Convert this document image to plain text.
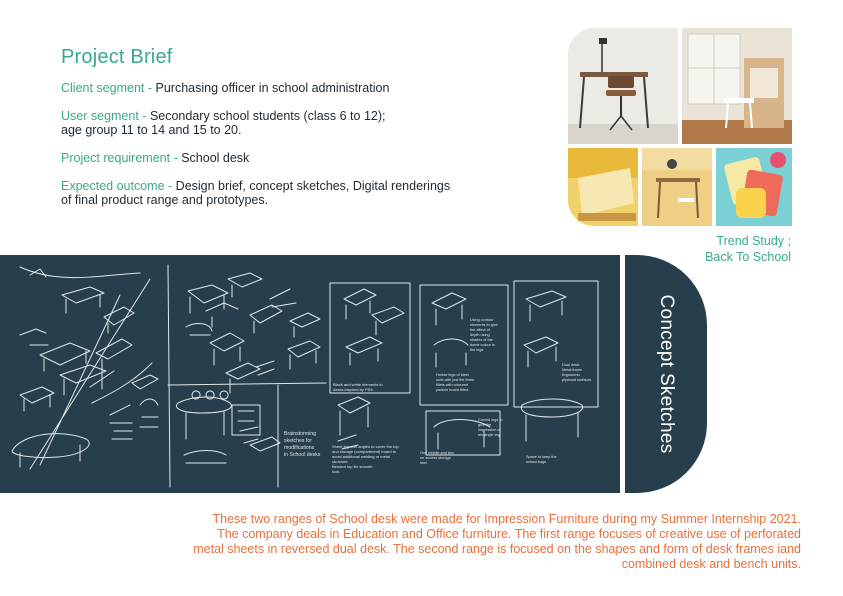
Project Brief

Client segment - Purchasing officer in school administration

User segment - Secondary school students (class 6 to 12);
age group 11 to 14 and 15 to 20.

Project requirement - School desk

Expected outcome - Design brief, concept sketches, Digital renderings
of final product range and prototypes.

Trend Study ;
Back To School
Brainstorming
sketches for
modifications
in School desks
Sheet leg with angles to cover the top
and storage (compartment) board to
avoid additional welding or metal
structure.
Bended top for smooth
look.
Black and white elements in
desks inspired by PS5.
Using contour
elements to give
the effect of
depth using
shades of the
dome colour in
the legs.
Hollow legs of steel
rods with just the three
fillets with coloured
particle board tilted.
Dual desk:
Metal frame
Ergonomic
plywood surfaces
One middle and two
on access storage
shel
Curved legs to
give the
impression of
rectangle leg
Space to keep the
school bags
Concept Sketches
These two ranges of School desk were made for Impression Furniture during my Summer Internship 2021.
The company deals in Education and Office furniture. The first range focuses of creative use of perforated
metal sheets in reversed dual desk. The second range is focused on the shapes and form of desk frames iand
combined desk and bench units.
